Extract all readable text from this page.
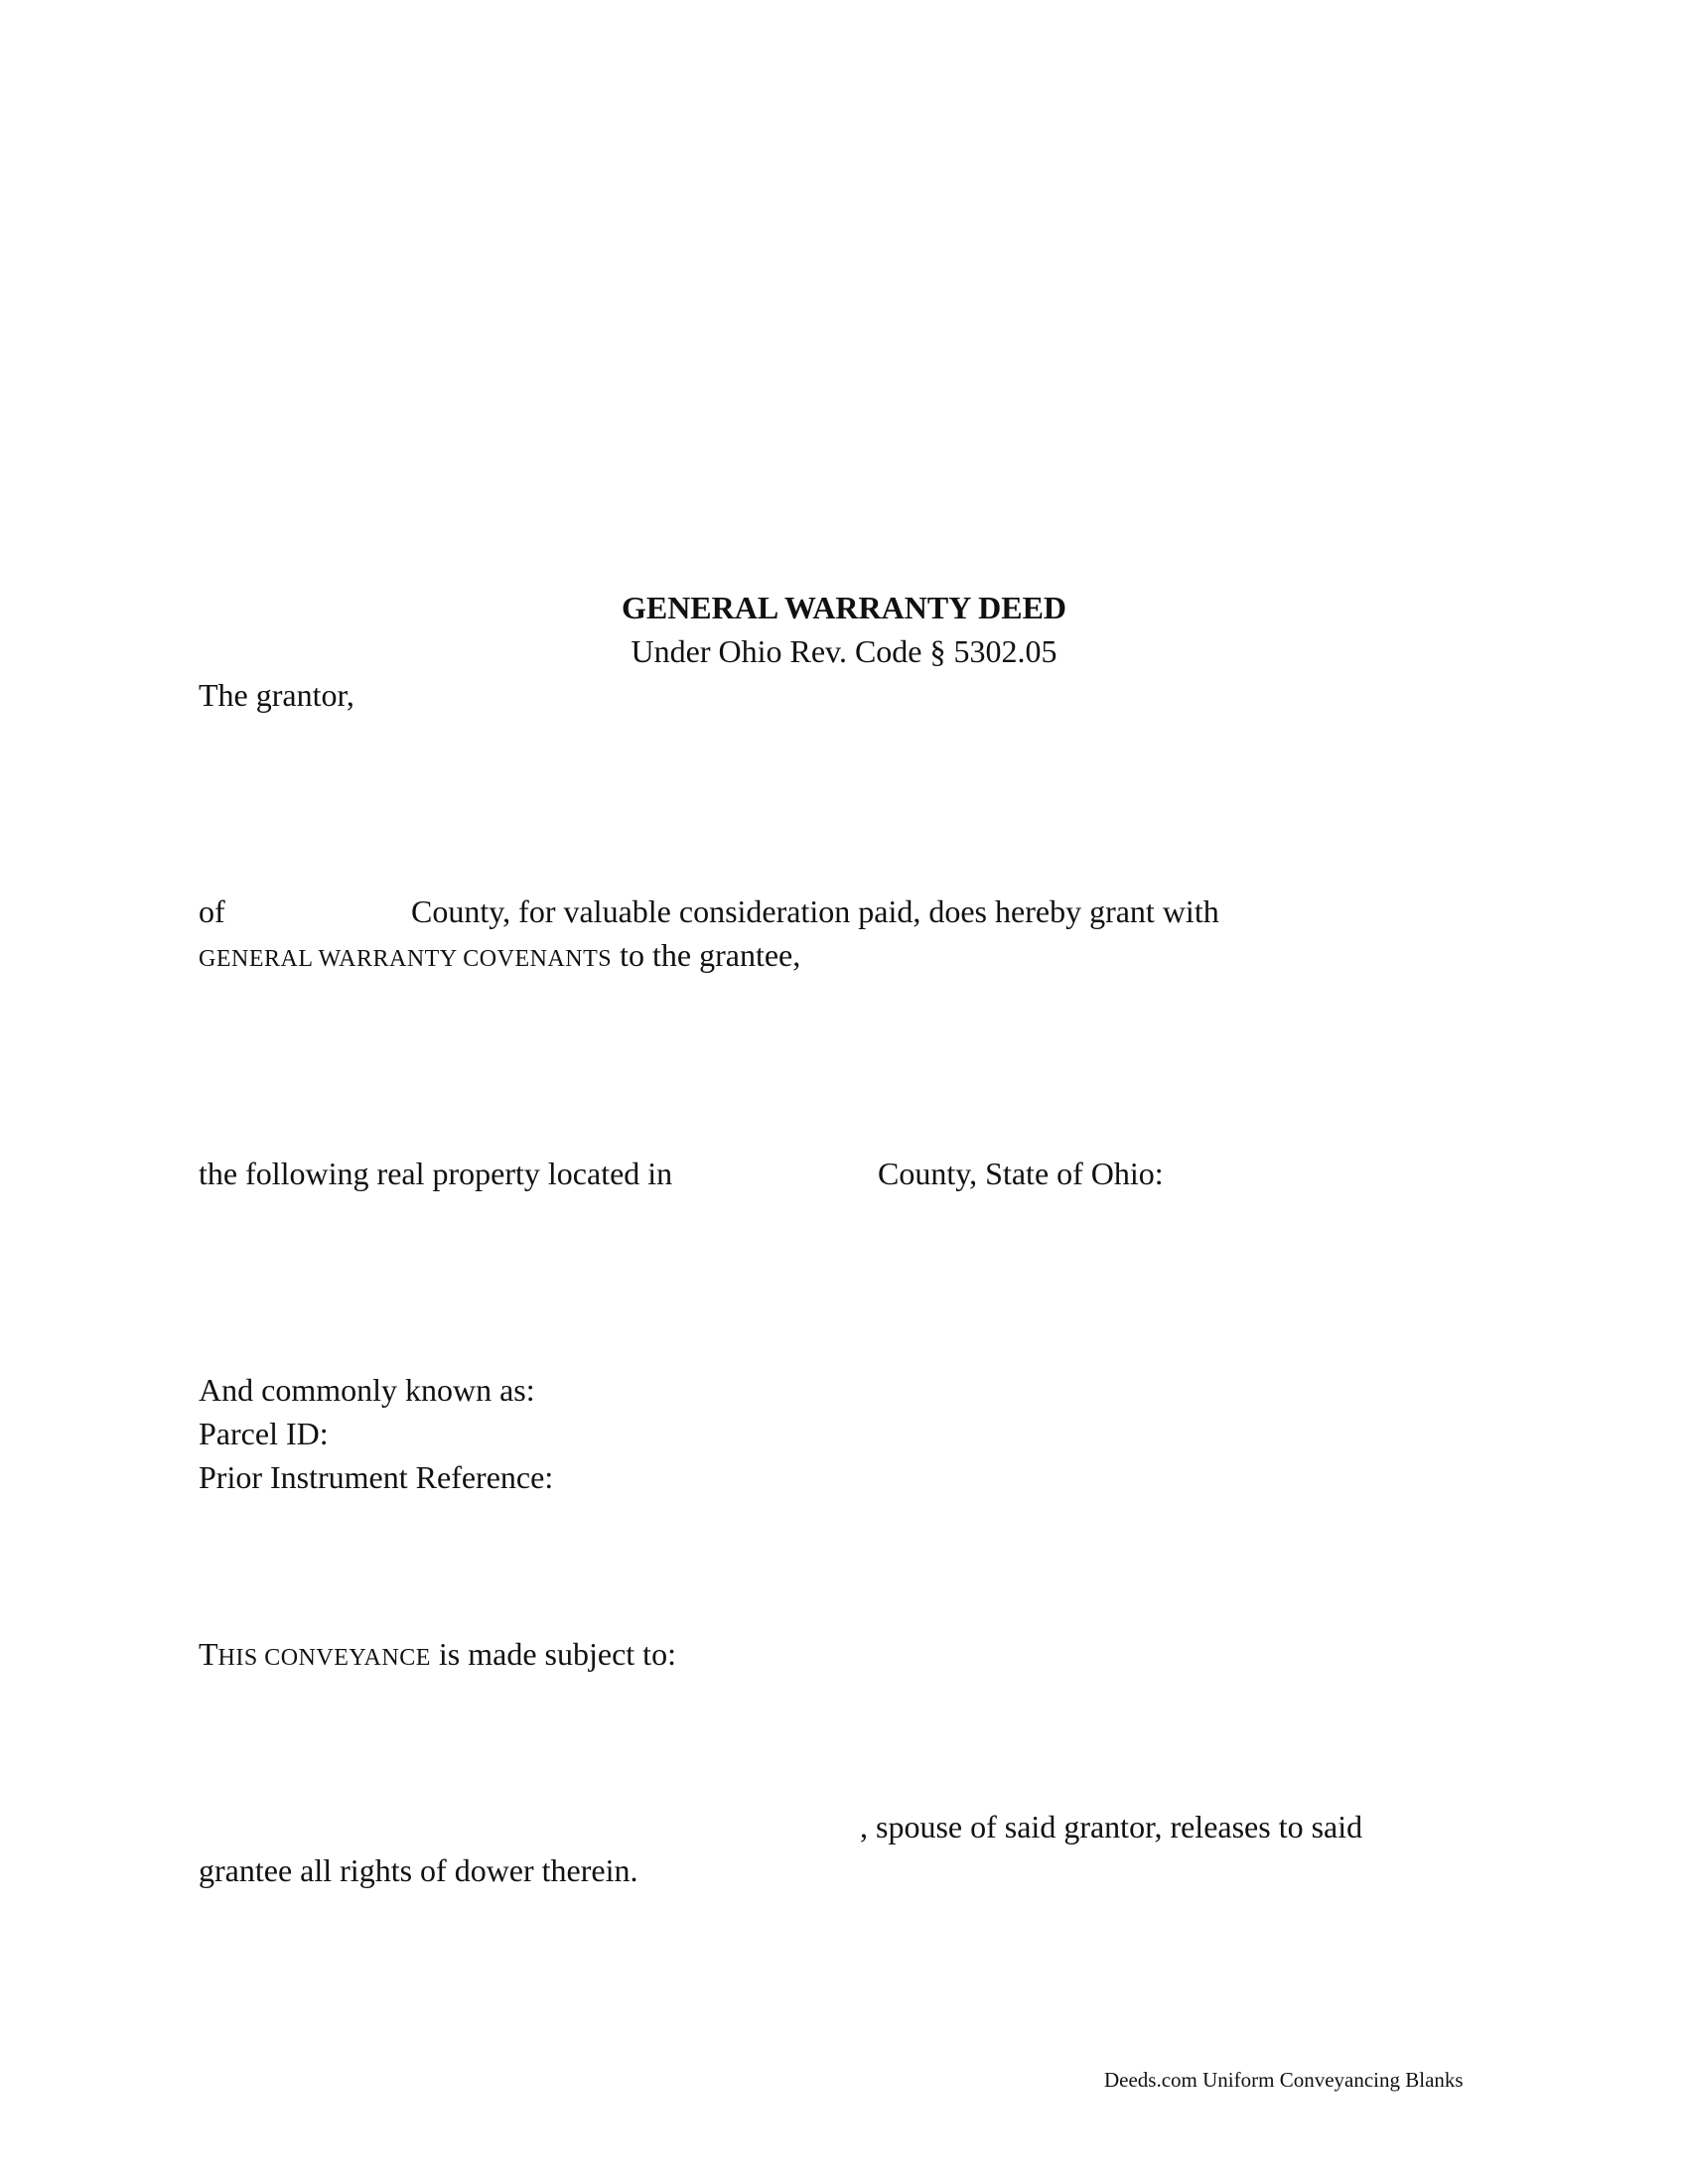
GENERAL WARRANTY DEED
Under Ohio Rev. Code § 5302.05
The grantor,
of	County, for valuable consideration paid, does hereby grant with
GENERAL WARRANTY COVENANTS to the grantee,
the following real property located in	County, State of Ohio:
And commonly known as:
Parcel ID:
Prior Instrument Reference:
THIS CONVEYANCE is made subject to:
, spouse of said grantor, releases to said
grantee all rights of dower therein.
Deeds.com Uniform Conveyancing Blanks
